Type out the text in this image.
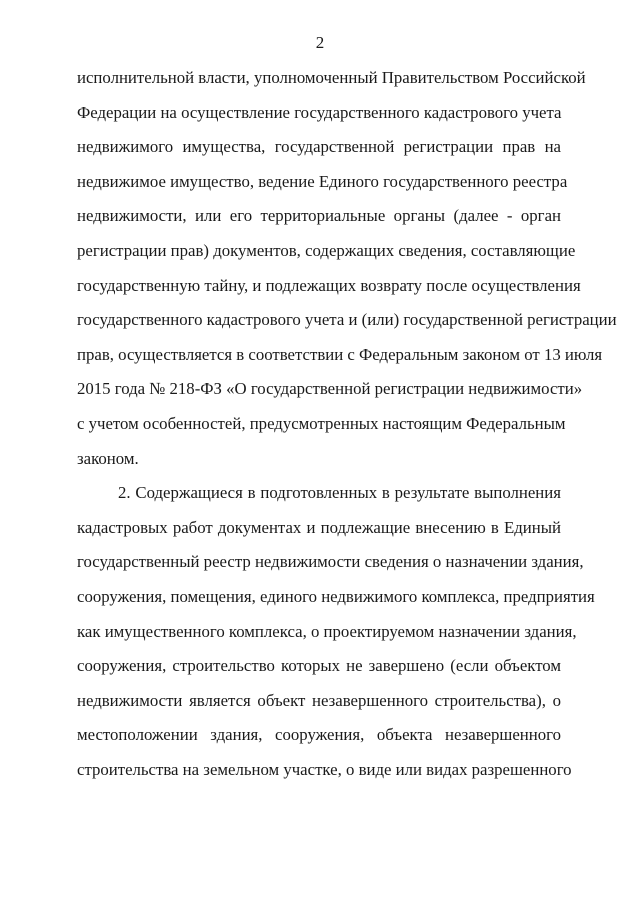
2
исполнительной власти, уполномоченный Правительством Российской
Федерации на осуществление государственного кадастрового учета
недвижимого имущества, государственной регистрации прав на
недвижимое имущество, ведение Единого государственного реестра
недвижимости, или его территориальные органы (далее - орган
регистрации прав) документов, содержащих сведения, составляющие
государственную тайну, и подлежащих возврату после осуществления
государственного кадастрового учета и (или) государственной регистрации
прав, осуществляется в соответствии с Федеральным законом от 13 июля
2015 года № 218-ФЗ «О государственной регистрации недвижимости»
с учетом особенностей, предусмотренных настоящим Федеральным
законом.
2. Содержащиеся в подготовленных в результате выполнения
кадастровых работ документах и подлежащие внесению в Единый
государственный реестр недвижимости сведения о назначении здания,
сооружения, помещения, единого недвижимого комплекса, предприятия
как имущественного комплекса, о проектируемом назначении здания,
сооружения, строительство которых не завершено (если объектом
недвижимости является объект незавершенного строительства), о
местоположении здания, сооружения, объекта незавершенного
строительства на земельном участке, о виде или видах разрешенного
